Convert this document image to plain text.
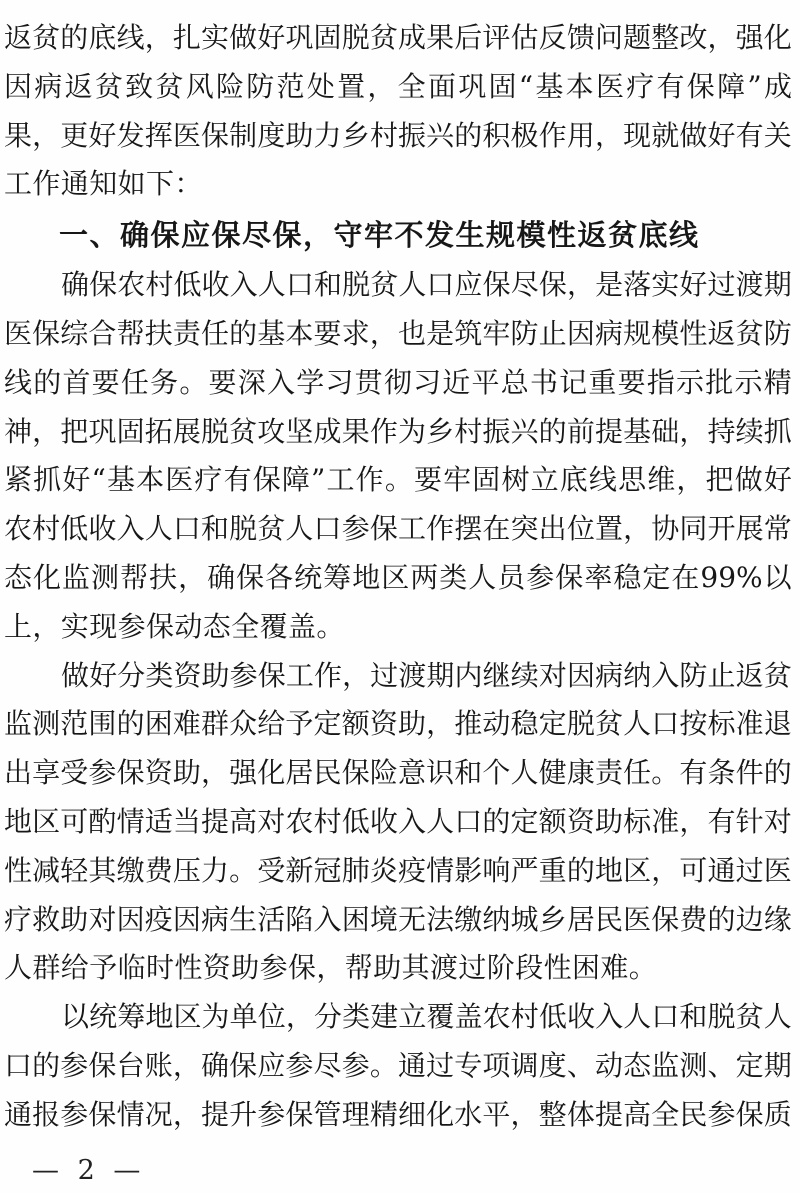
返 贫 的 底 线 ， 扎 实 做 好 巩 固 脱 贫 成 果 后 评 估 反 馈 问 题 整 改 ， 强 化
因 病 返 贫 致 贫 风 险 防 范 处 置 ， 全 面 巩 固 “ 基 本 医 疗 有 保 障 ” 成
果 ， 更 好 发 挥 医 保 制 度 助 力 乡 村 振 兴 的 积 极 作 用 ， 现 就 做 好 有 关
工作通知如下：
一、确保应保尽保，守牢不发生规模性返贫底线
确 保 农 村 低 收 入 人 口 和 脱 贫 人 口 应 保 尽 保 ， 是 落 实 好 过 渡 期
医 保 综 合 帮 扶 责 任 的 基 本 要 求 ， 也 是 筑 牢 防 止 因 病 规 模 性 返 贫 防
线 的 首 要 任 务 。 要 深 入 学 习 贯 彻 习 近 平 总 书 记 重 要 指 示 批 示 精
神 ， 把 巩 固 拓 展 脱 贫 攻 坚 成 果 作 为 乡 村 振 兴 的 前 提 基 础 ， 持 续 抓
紧 抓 好 “ 基 本 医 疗 有 保 障 ” 工 作 。 要 牢 固 树 立 底 线 思 维 ， 把 做 好
农 村 低 收 入 人 口 和 脱 贫 人 口 参 保 工 作 摆 在 突 出 位 置 ， 协 同 开 展 常
态 化 监 测 帮 扶 ， 确 保 各 统 筹 地 区 两 类 人 员 参 保 率 稳 定 在 99% 以
上，实现参保动态全覆盖。
做 好 分 类 资 助 参 保 工 作 ， 过 渡 期 内 继 续 对 因 病 纳 入 防 止 返 贫
监 测 范 围 的 困 难 群 众 给 予 定 额 资 助 ， 推 动 稳 定 脱 贫 人 口 按 标 准 退
出 享 受 参 保 资 助 ， 强 化 居 民 保 险 意 识 和 个 人 健 康 责 任 。 有 条 件 的
地 区 可 酌 情 适 当 提 高 对 农 村 低 收 入 人 口 的 定 额 资 助 标 准 ， 有 针 对
性 减 轻 其 缴 费 压 力 。 受 新 冠 肺 炎 疫 情 影 响 严 重 的 地 区 ， 可 通 过 医
疗 救 助 对 因 疫 因 病 生 活 陷 入 困 境 无 法 缴 纳 城 乡 居 民 医 保 费 的 边 缘
人群给予临时性资助参保，帮助其渡过阶段性困难。
以 统 筹 地 区 为 单 位 ， 分 类 建 立 覆 盖 农 村 低 收 入 人 口 和 脱 贫 人
口 的 参 保 台 账 ， 确 保 应 参 尽 参 。 通 过 专 项 调 度 、 动 态 监 测 、 定 期
通 报 参 保 情 况 ， 提 升 参 保 管 理 精 细 化 水 平 ， 整 体 提 高 全 民 参 保 质
— 2 —
